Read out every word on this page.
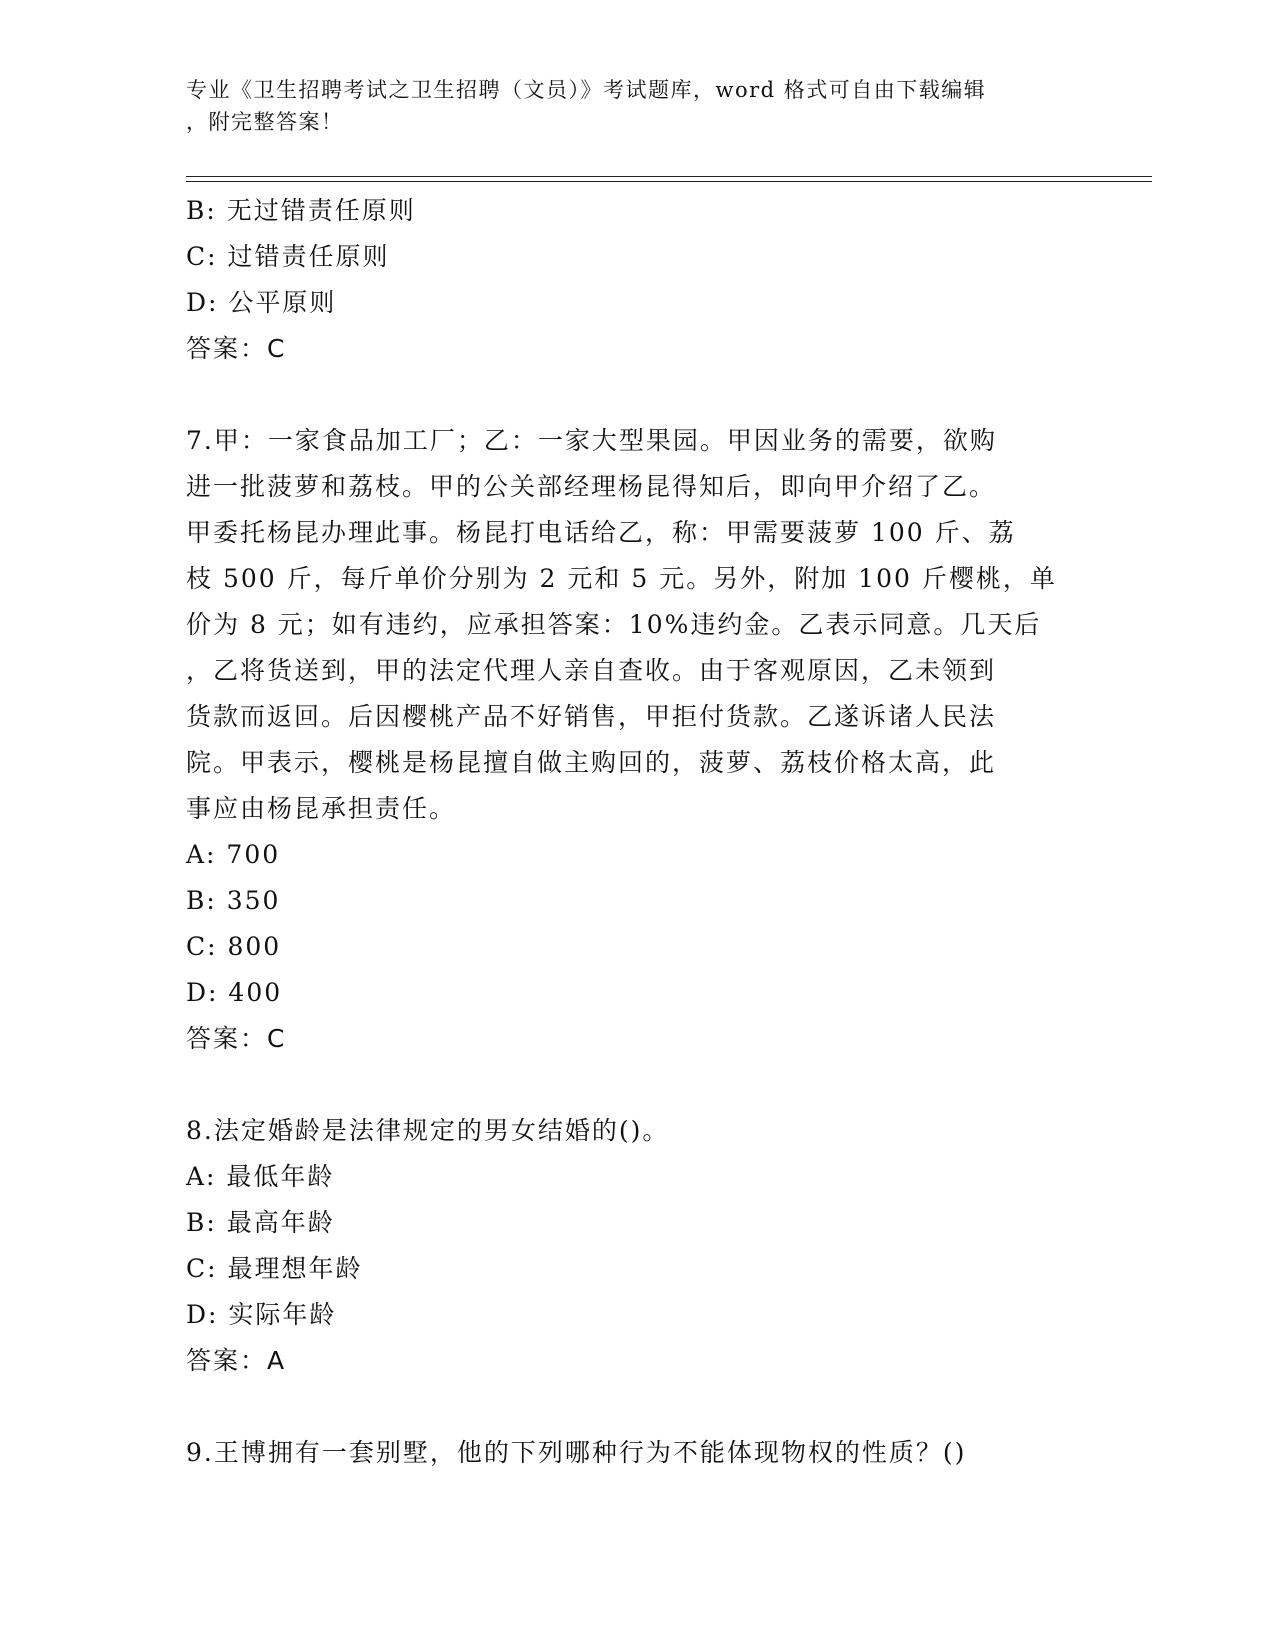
专业《卫生招聘考试之卫生招聘（文员）》考试题库，word 格式可自由下载编辑
，附完整答案！
B: 无过错责任原则
C: 过错责任原则
D: 公平原则
答案：C
7.甲：一家食品加工厂；乙：一家大型果园。甲因业务的需要，欲购
进一批菠萝和荔枝。甲的公关部经理杨昆得知后，即向甲介绍了乙。
甲委托杨昆办理此事。杨昆打电话给乙，称：甲需要菠萝 100 斤、荔
枝 500 斤，每斤单价分别为 2 元和 5 元。另外，附加 100 斤樱桃，单
价为 8 元；如有违约，应承担答案：10%违约金。乙表示同意。几天后
，乙将货送到，甲的法定代理人亲自查收。由于客观原因，乙未领到
货款而返回。后因樱桃产品不好销售，甲拒付货款。乙遂诉诸人民法
院。甲表示，樱桃是杨昆擅自做主购回的，菠萝、荔枝价格太高，此
事应由杨昆承担责任。
A: 700
B: 350
C: 800
D: 400
答案：C
8.法定婚龄是法律规定的男女结婚的()。
A: 最低年龄
B: 最高年龄
C: 最理想年龄
D: 实际年龄
答案：A
9.王博拥有一套别墅，他的下列哪种行为不能体现物权的性质？()
